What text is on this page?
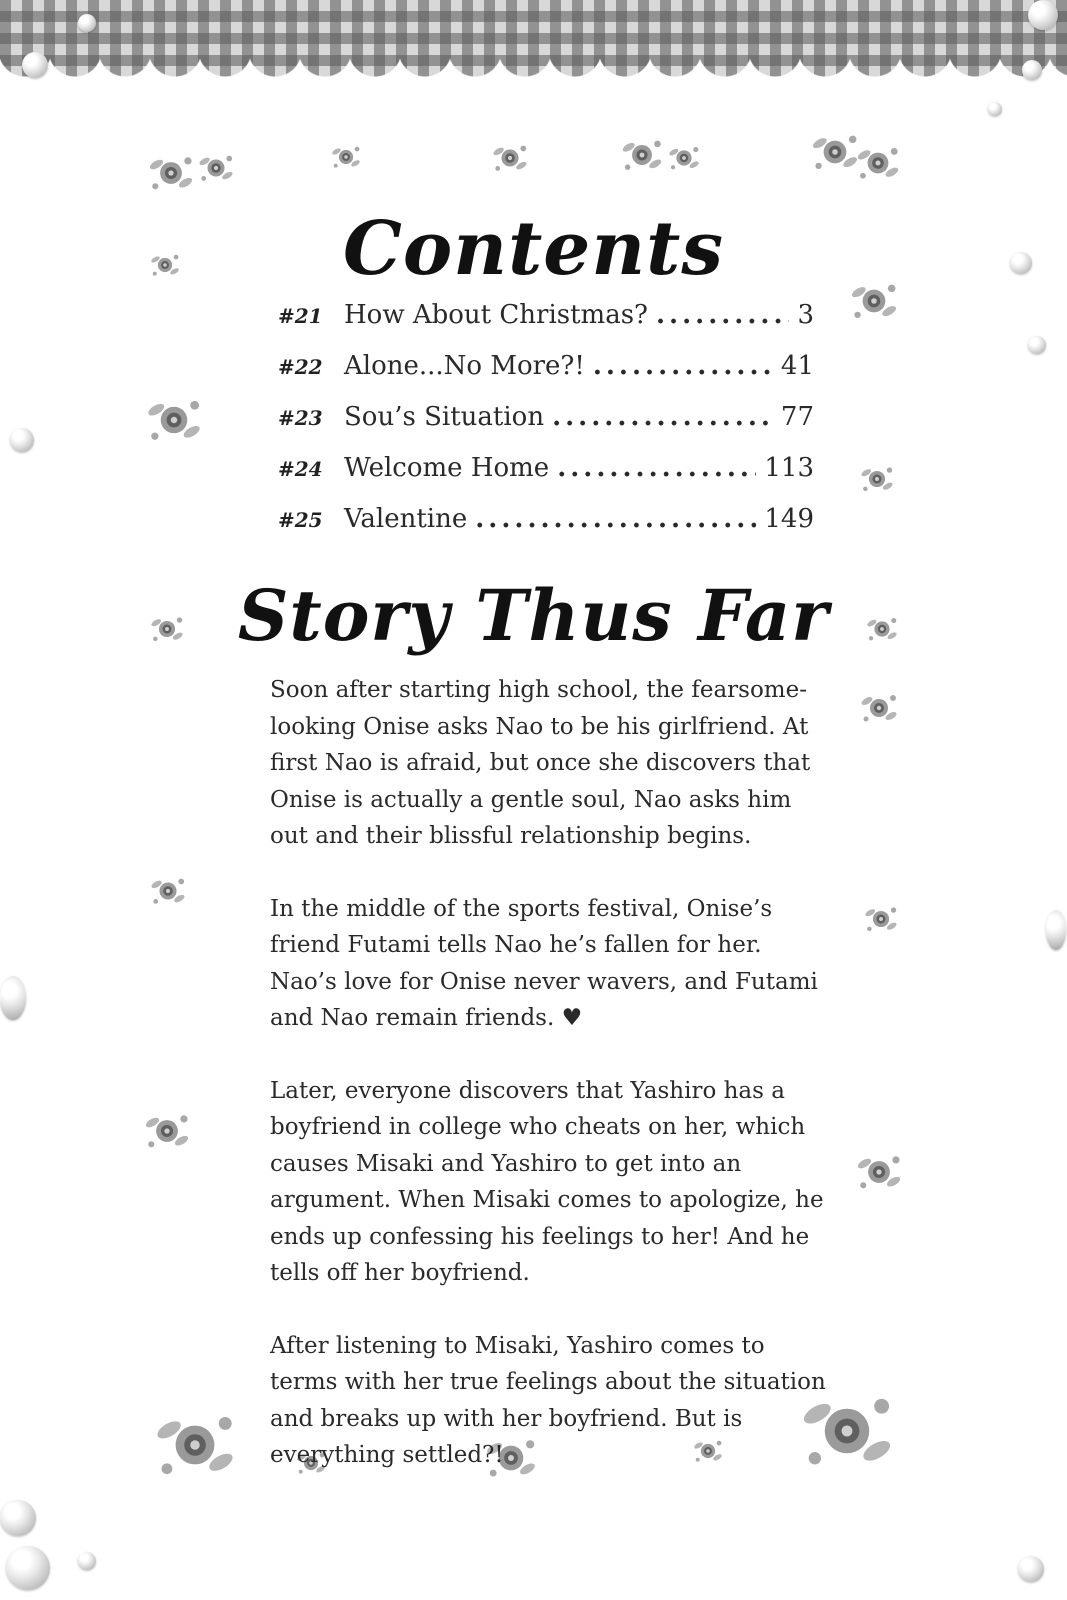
Contents
#21 How About Christmas? .....	3
#22 Alone...No More?! .....	41
#23 Sou’s Situation .....	77
#24 Welcome Home .....	113
#25 Valentine .....	149
Story Thus Far

Soon after starting high school, the fearsome-looking Onise asks Nao to be his girlfriend. At first Nao is afraid, but once she discovers that Onise is actually a gentle soul, Nao asks him out and their blissful relationship begins.

In the middle of the sports festival, Onise’s friend Futami tells Nao he’s fallen for her. Nao’s love for Onise never wavers, and Futami and Nao remain friends. ♥

Later, everyone discovers that Yashiro has a boyfriend in college who cheats on her, which causes Misaki and Yashiro to get into an argument. When Misaki comes to apologize, he ends up confessing his feelings to her! And he tells off her boyfriend.

After listening to Misaki, Yashiro comes to terms with her true feelings about the situation and breaks up with her boyfriend. But is everything settled?!
